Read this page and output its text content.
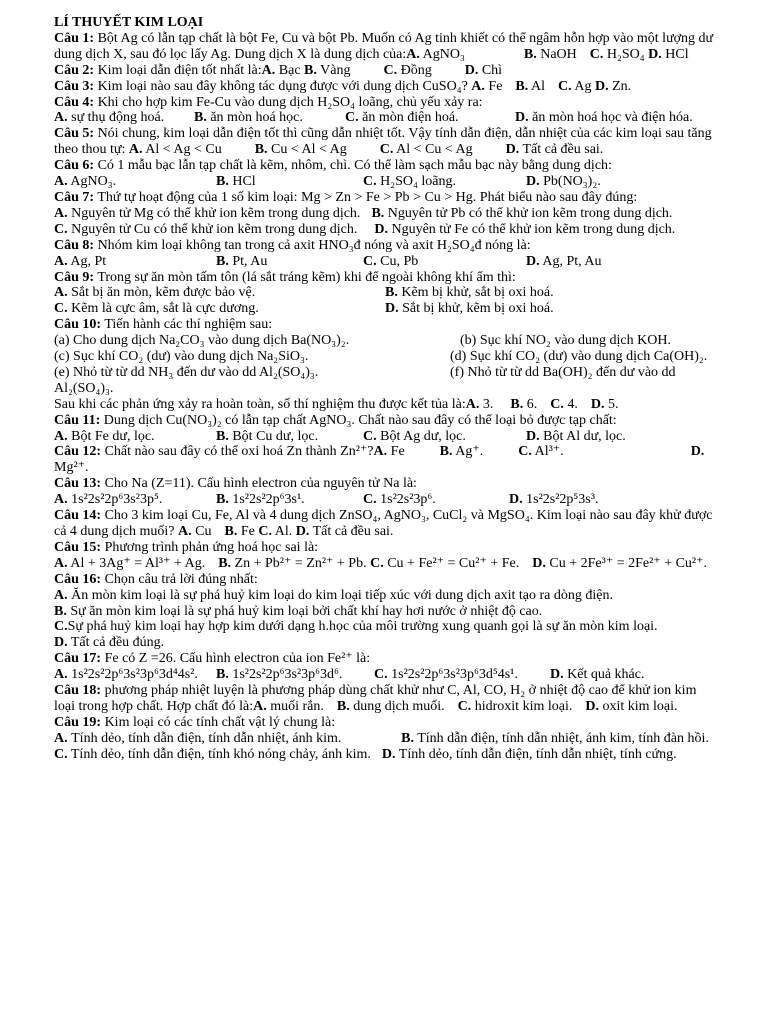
LÍ THUYẾT KIM LOẠI
Câu 1: Bột Ag có lẫn tạp chất là bột Fe, Cu và bột Pb. Muốn có Ag tinh khiết có thể ngâm hỗn hợp vào một lượng dư dung dịch X, sau đó lọc lấy Ag. Dung dịch X là dung dịch của:A. AgNO₃	B. NaOH C. H₂SO₄ D. HCl
Câu 2: Kim loại dẫn điện tốt nhất là:A. Bạc B. Vàng C. Đồng D. Chì
Câu 3: Kim loại nào sau đây không tác dụng được với dung dịch CuSO₄? A. Fe B. Al C. Ag D. Zn.
Câu 4: Khi cho hợp kim Fe-Cu vào dung dịch H₂SO₄ loãng, chủ yếu xảy ra:
A. sự thụ động hoá.	B. ăn mòn hoá học.	C. ăn mòn điện hoá.	D. ăn mòn hoá học và điện hóa.
Câu 5: Nói chung, kim loại dẫn điện tốt thì cũng dẫn nhiệt tốt. Vậy tính dẫn điện, dẫn nhiệt của các kim loại sau tăng theo thou tự: A. Al < Ag < Cu B. Cu < Al < Ag C. Al < Cu < Ag D. Tất cả đều sai.
Câu 6: Có 1 mẫu bạc lẫn tạp chất là kẽm, nhôm, chì. Có thể làm sạch mẫu bạc này bằng dung dịch:
A. AgNO₃.	B. HCl	C. H₂SO₄ loãng.	D. Pb(NO₃)₂.
Câu 7: Thứ tự hoạt động của 1 số kim loại: Mg > Zn > Fe > Pb > Cu > Hg. Phát biểu nào sau đây đúng:
A. Nguyên tử Mg có thể khử ion kẽm trong dung dịch. B. Nguyên tử Pb có thể khử ion kẽm trong dung dịch.
C. Nguyên tử Cu có thể khử ion kẽm trong dung dịch. D. Nguyên tử Fe có thể khử ion kẽm trong dung dịch.
Câu 8: Nhóm kim loại không tan trong cả axit HNO₃đ nóng và axit H₂SO₄đ nóng là:
A. Ag, Pt	B. Pt, Au	C. Cu, Pb	D. Ag, Pt, Au
Câu 9: Trong sự ăn mòn tấm tôn (lá sắt tráng kẽm) khi để ngoài không khí ẩm thì:
A. Sắt bị ăn mòn, kẽm được bảo vệ.	B. Kẽm bị khử, sắt bị oxi hoá.
C. Kẽm là cực âm, sắt là cực dương.	D. Sắt bị khử, kẽm bị oxi hoá.
Câu 10: Tiến hành các thí nghiệm sau:
(a) Cho dung dịch Na₂CO₃ vào dung dịch Ba(NO₃)₂.	(b) Sục khí NO₂ vào dung dịch KOH.
(c) Sục khí CO₂ (dư) vào dung dịch Na₂SiO₃.	(d) Sục khí CO₂ (dư) vào dung dịch Ca(OH)₂.
(e) Nhỏ từ từ dd NH₃ đến dư vào dd Al₂(SO₄)₃.	(f) Nhỏ từ từ dd Ba(OH)₂ đến dư vào dd Al₂(SO₄)₃.
Sau khi các phản ứng xảy ra hoàn toàn, số thí nghiệm thu được kết tủa là:A. 3. B. 6. C. 4. D. 5.
Câu 11: Dung dịch Cu(NO₃)₂ có lẫn tạp chất AgNO₃. Chất nào sau đây có thể loại bỏ được tạp chất:
A. Bột Fe dư, lọc.	B. Bột Cu dư, lọc.	C. Bột Ag dư, lọc.	D. Bột Al dư, lọc.
Câu 12: Chất nào sau đây có thể oxi hoá Zn thành Zn²⁺?A. Fe	B. Ag⁺.	C. Al³⁺.	D. Mg²⁺.
Câu 13: Cho Na (Z=11). Cấu hình electron của nguyên tử Na là:
A. 1s²2s²2p⁶3s²3p⁵.	B. 1s²2s²2p⁶3s¹.	C. 1s²2s²3p⁶.	D. 1s²2s²2p⁵3s³.
Câu 14: Cho 3 kim loại Cu, Fe, Al và 4 dung dịch ZnSO₄, AgNO₃, CuCl₂ và MgSO₄. Kim loại nào sau đây khử được cả 4 dung dịch muối? A. Cu B. Fe C. Al. D. Tất cả đều sai.
Câu 15: Phương trình phản ứng hoá học sai là:
A. Al + 3Ag⁺ = Al³⁺ + Ag. B. Zn + Pb²⁺ = Zn²⁺ + Pb. C. Cu + Fe²⁺ = Cu²⁺ + Fe. D. Cu + 2Fe³⁺ = 2Fe²⁺ + Cu²⁺.
Câu 16: Chọn câu trả lời đúng nhất:
A. Ăn mòn kim loại là sự phá huỷ kim loại do kim loại tiếp xúc với dung dịch axit tạo ra dòng điện.
B. Sự ăn mòn kim loại là sự phá huỷ kim loại bởi chất khí hay hơi nước ở nhiệt độ cao.
C.Sự phá huỷ kim loại hay hợp kim dưới dạng h.học của môi trường xung quanh gọi là sự ăn mòn kim loại.
D. Tất cả đều đúng.
Câu 17: Fe có Z =26. Cấu hình electron của ion Fe²⁺ là:
A. 1s²2s²2p⁶3s²3p⁶3d⁴4s².	B. 1s²2s²2p⁶3s²3p⁶3d⁶.	C. 1s²2s²2p⁶3s²3p⁶3d⁵4s¹.	D. Kết quả khác.
Câu 18: phương pháp nhiệt luyện là phương pháp dùng chất khử như C, Al, CO, H₂ ở nhiệt độ cao để khử ion kim loại trong hợp chất. Hợp chất đó là:A. muối rắn. B. dung dịch muối. C. hidroxit kim loại. D. oxit kim loại.
Câu 19: Kim loại có các tính chất vật lý chung là:
A. Tính dẻo, tính dẫn điện, tính dẫn nhiệt, ánh kim.	B. Tính dẫn điện, tính dẫn nhiệt, ánh kim, tính đàn hồi.
C. Tính dẻo, tính dẫn điện, tính khó nóng chảy, ánh kim. D. Tính dẻo, tính dẫn điện, tính dẫn nhiệt, tính cứng.
